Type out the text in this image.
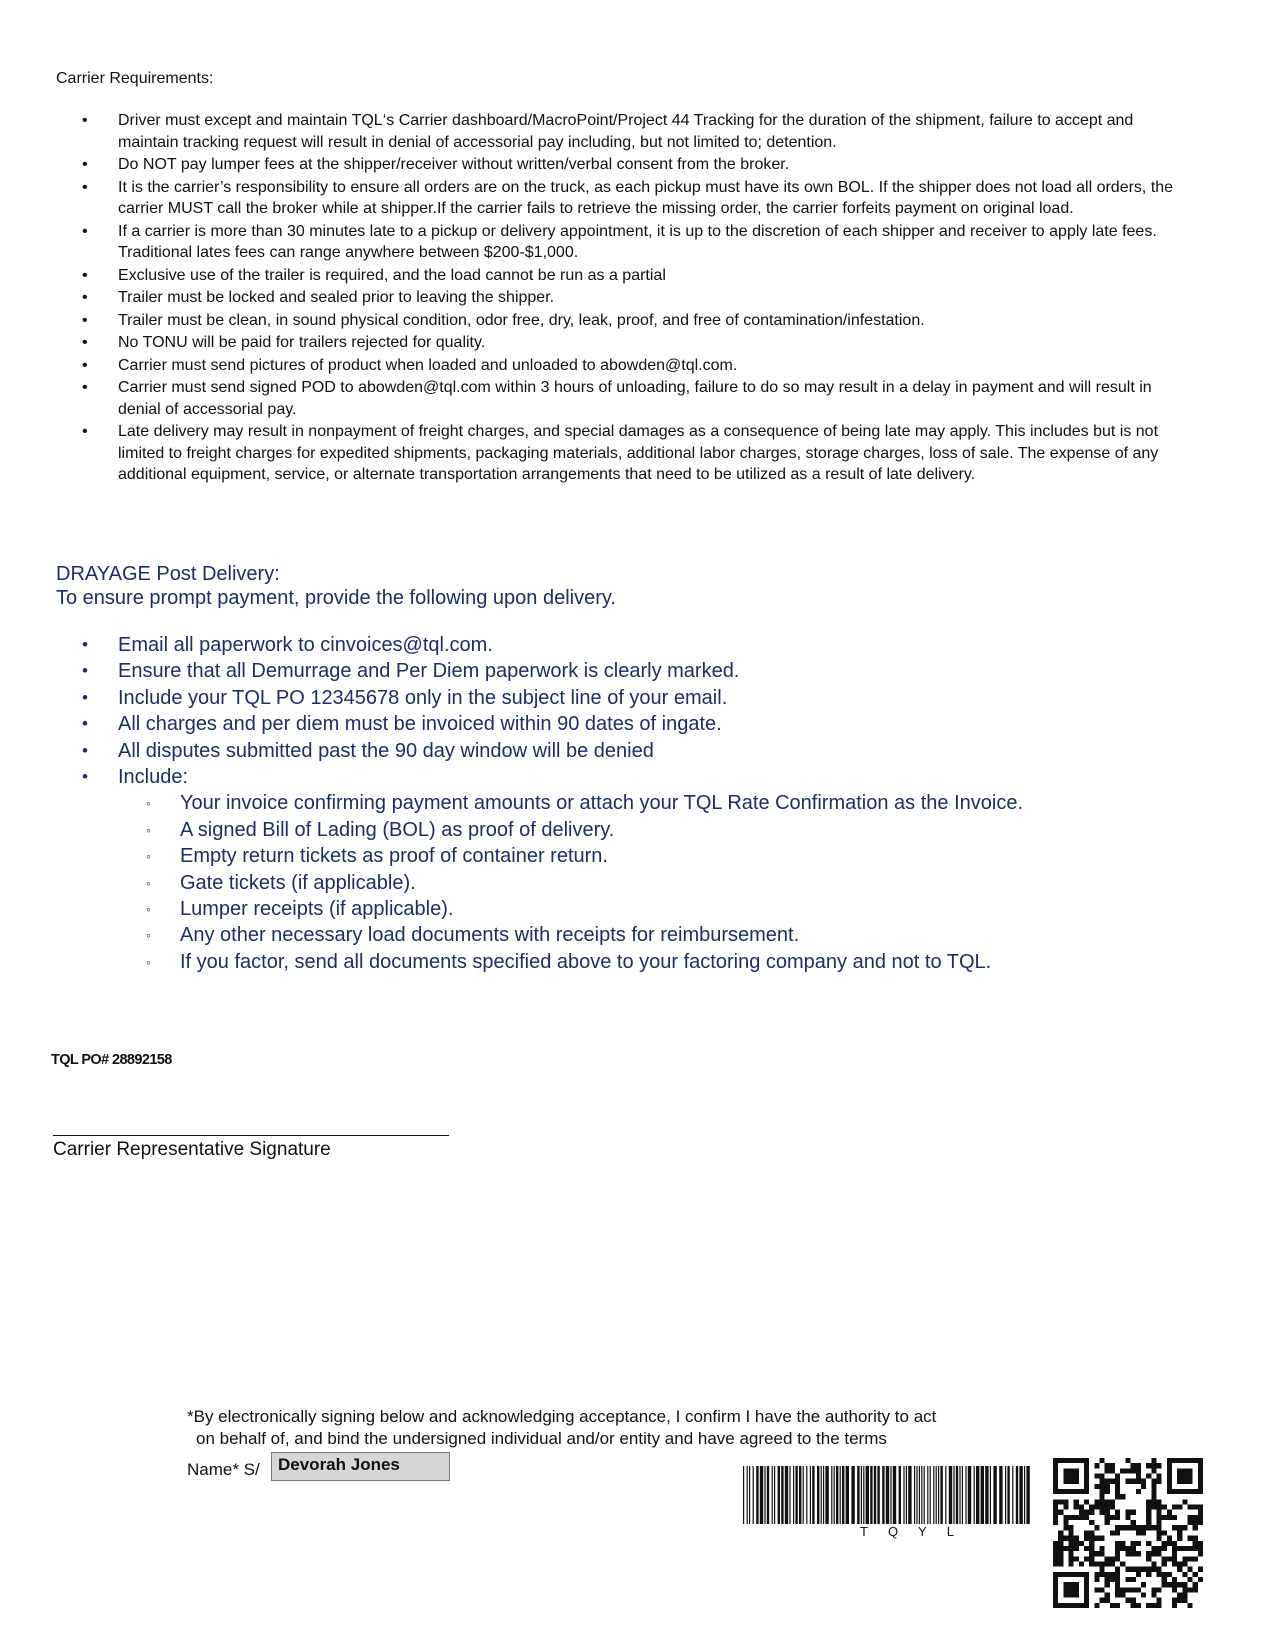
Carrier Requirements:
• Driver must except and maintain TQL‘s Carrier dashboard/MacroPoint/Project 44 Tracking for the duration of the shipment, failure to accept and maintain tracking request will result in denial of accessorial pay including, but not limited to; detention.
• Do NOT pay lumper fees at the shipper/receiver without written/verbal consent from the broker.
• It is the carrier’s responsibility to ensure all orders are on the truck, as each pickup must have its own BOL. If the shipper does not load all orders, the carrier MUST call the broker while at shipper.If the carrier fails to retrieve the missing order, the carrier forfeits payment on original load.
• If a carrier is more than 30 minutes late to a pickup or delivery appointment, it is up to the discretion of each shipper and receiver to apply late fees. Traditional lates fees can range anywhere between $200-$1,000.
• Exclusive use of the trailer is required, and the load cannot be run as a partial
• Trailer must be locked and sealed prior to leaving the shipper.
• Trailer must be clean, in sound physical condition, odor free, dry, leak, proof, and free of contamination/infestation.
• No TONU will be paid for trailers rejected for quality.
• Carrier must send pictures of product when loaded and unloaded to abowden@tql.com.
• Carrier must send signed POD to abowden@tql.com within 3 hours of unloading, failure to do so may result in a delay in payment and will result in denial of accessorial pay.
• Late delivery may result in nonpayment of freight charges, and special damages as a consequence of being late may apply. This includes but is not limited to freight charges for expedited shipments, packaging materials, additional labor charges, storage charges, loss of sale. The expense of any additional equipment, service, or alternate transportation arrangements that need to be utilized as a result of late delivery.
DRAYAGE Post Delivery:
To ensure prompt payment, provide the following upon delivery.
• Email all paperwork to cinvoices@tql.com.
• Ensure that all Demurrage and Per Diem paperwork is clearly marked.
• Include your TQL PO 12345678 only in the subject line of your email.
• All charges and per diem must be invoiced within 90 dates of ingate.
• All disputes submitted past the 90 day window will be denied
• Include:
◦ Your invoice confirming payment amounts or attach your TQL Rate Confirmation as the Invoice.
◦ A signed Bill of Lading (BOL) as proof of delivery.
◦ Empty return tickets as proof of container return.
◦ Gate tickets (if applicable).
◦ Lumper receipts (if applicable).
◦ Any other necessary load documents with receipts for reimbursement.
◦ If you factor, send all documents specified above to your factoring company and not to TQL.
TQL PO# 28892158
Carrier Representative Signature
*By electronically signing below and acknowledging acceptance, I confirm I have the authority to act
on behalf of, and bind the undersigned individual and/or entity and have agreed to the terms
Name* S/	Devorah Jones
TQYL
